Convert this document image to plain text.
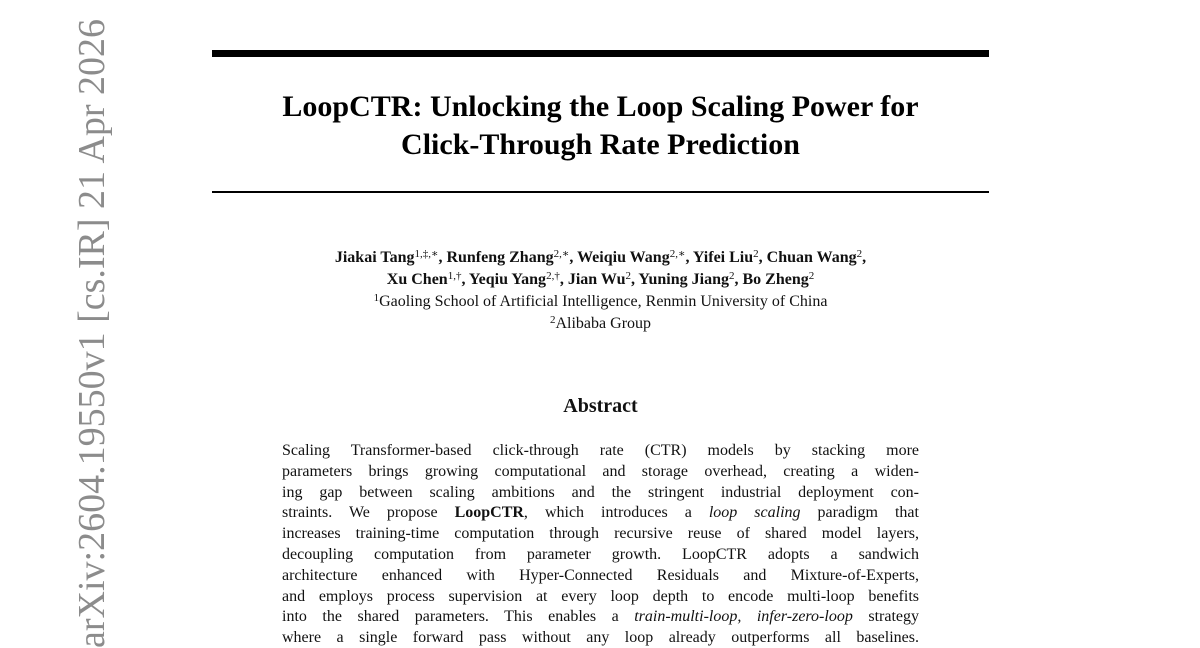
LoopCTR: Unlocking the Loop Scaling Power for
Click-Through Rate Prediction
Jiakai Tang$^{1,\ddagger,∗}$, Runfeng Zhang$^{2,∗}$, Weiqiu Wang$^{2,∗}$, Yifei Liu$^2$, Chuan Wang$^2$,
Xu Chen$^{1,\dagger}$, Yeqiu Yang$^{2,\dagger}$, Jian Wu$^2$, Yuning Jiang$^2$, Bo Zheng$^2$
$^1$Gaoling School of Artificial Intelligence, Renmin University of China
$^2$Alibaba Group
Abstract
Scaling Transformer-based click-through rate (CTR) models by stacking more
parameters brings growing computational and storage overhead, creating a widen-
ing gap between scaling ambitions and the stringent industrial deployment con-
straints. We propose LoopCTR, which introduces a loop scaling paradigm that
increases training-time computation through recursive reuse of shared model layers,
decoupling computation from parameter growth. LoopCTR adopts a sandwich
architecture enhanced with Hyper-Connected Residuals and Mixture-of-Experts,
and employs process supervision at every loop depth to encode multi-loop benefits
into the shared parameters. This enables a train-multi-loop, infer-zero-loop strategy
where a single forward pass without any loop already outperforms all baselines.
arXiv:2604.19550v1 [cs.IR] 21 Apr 2026
